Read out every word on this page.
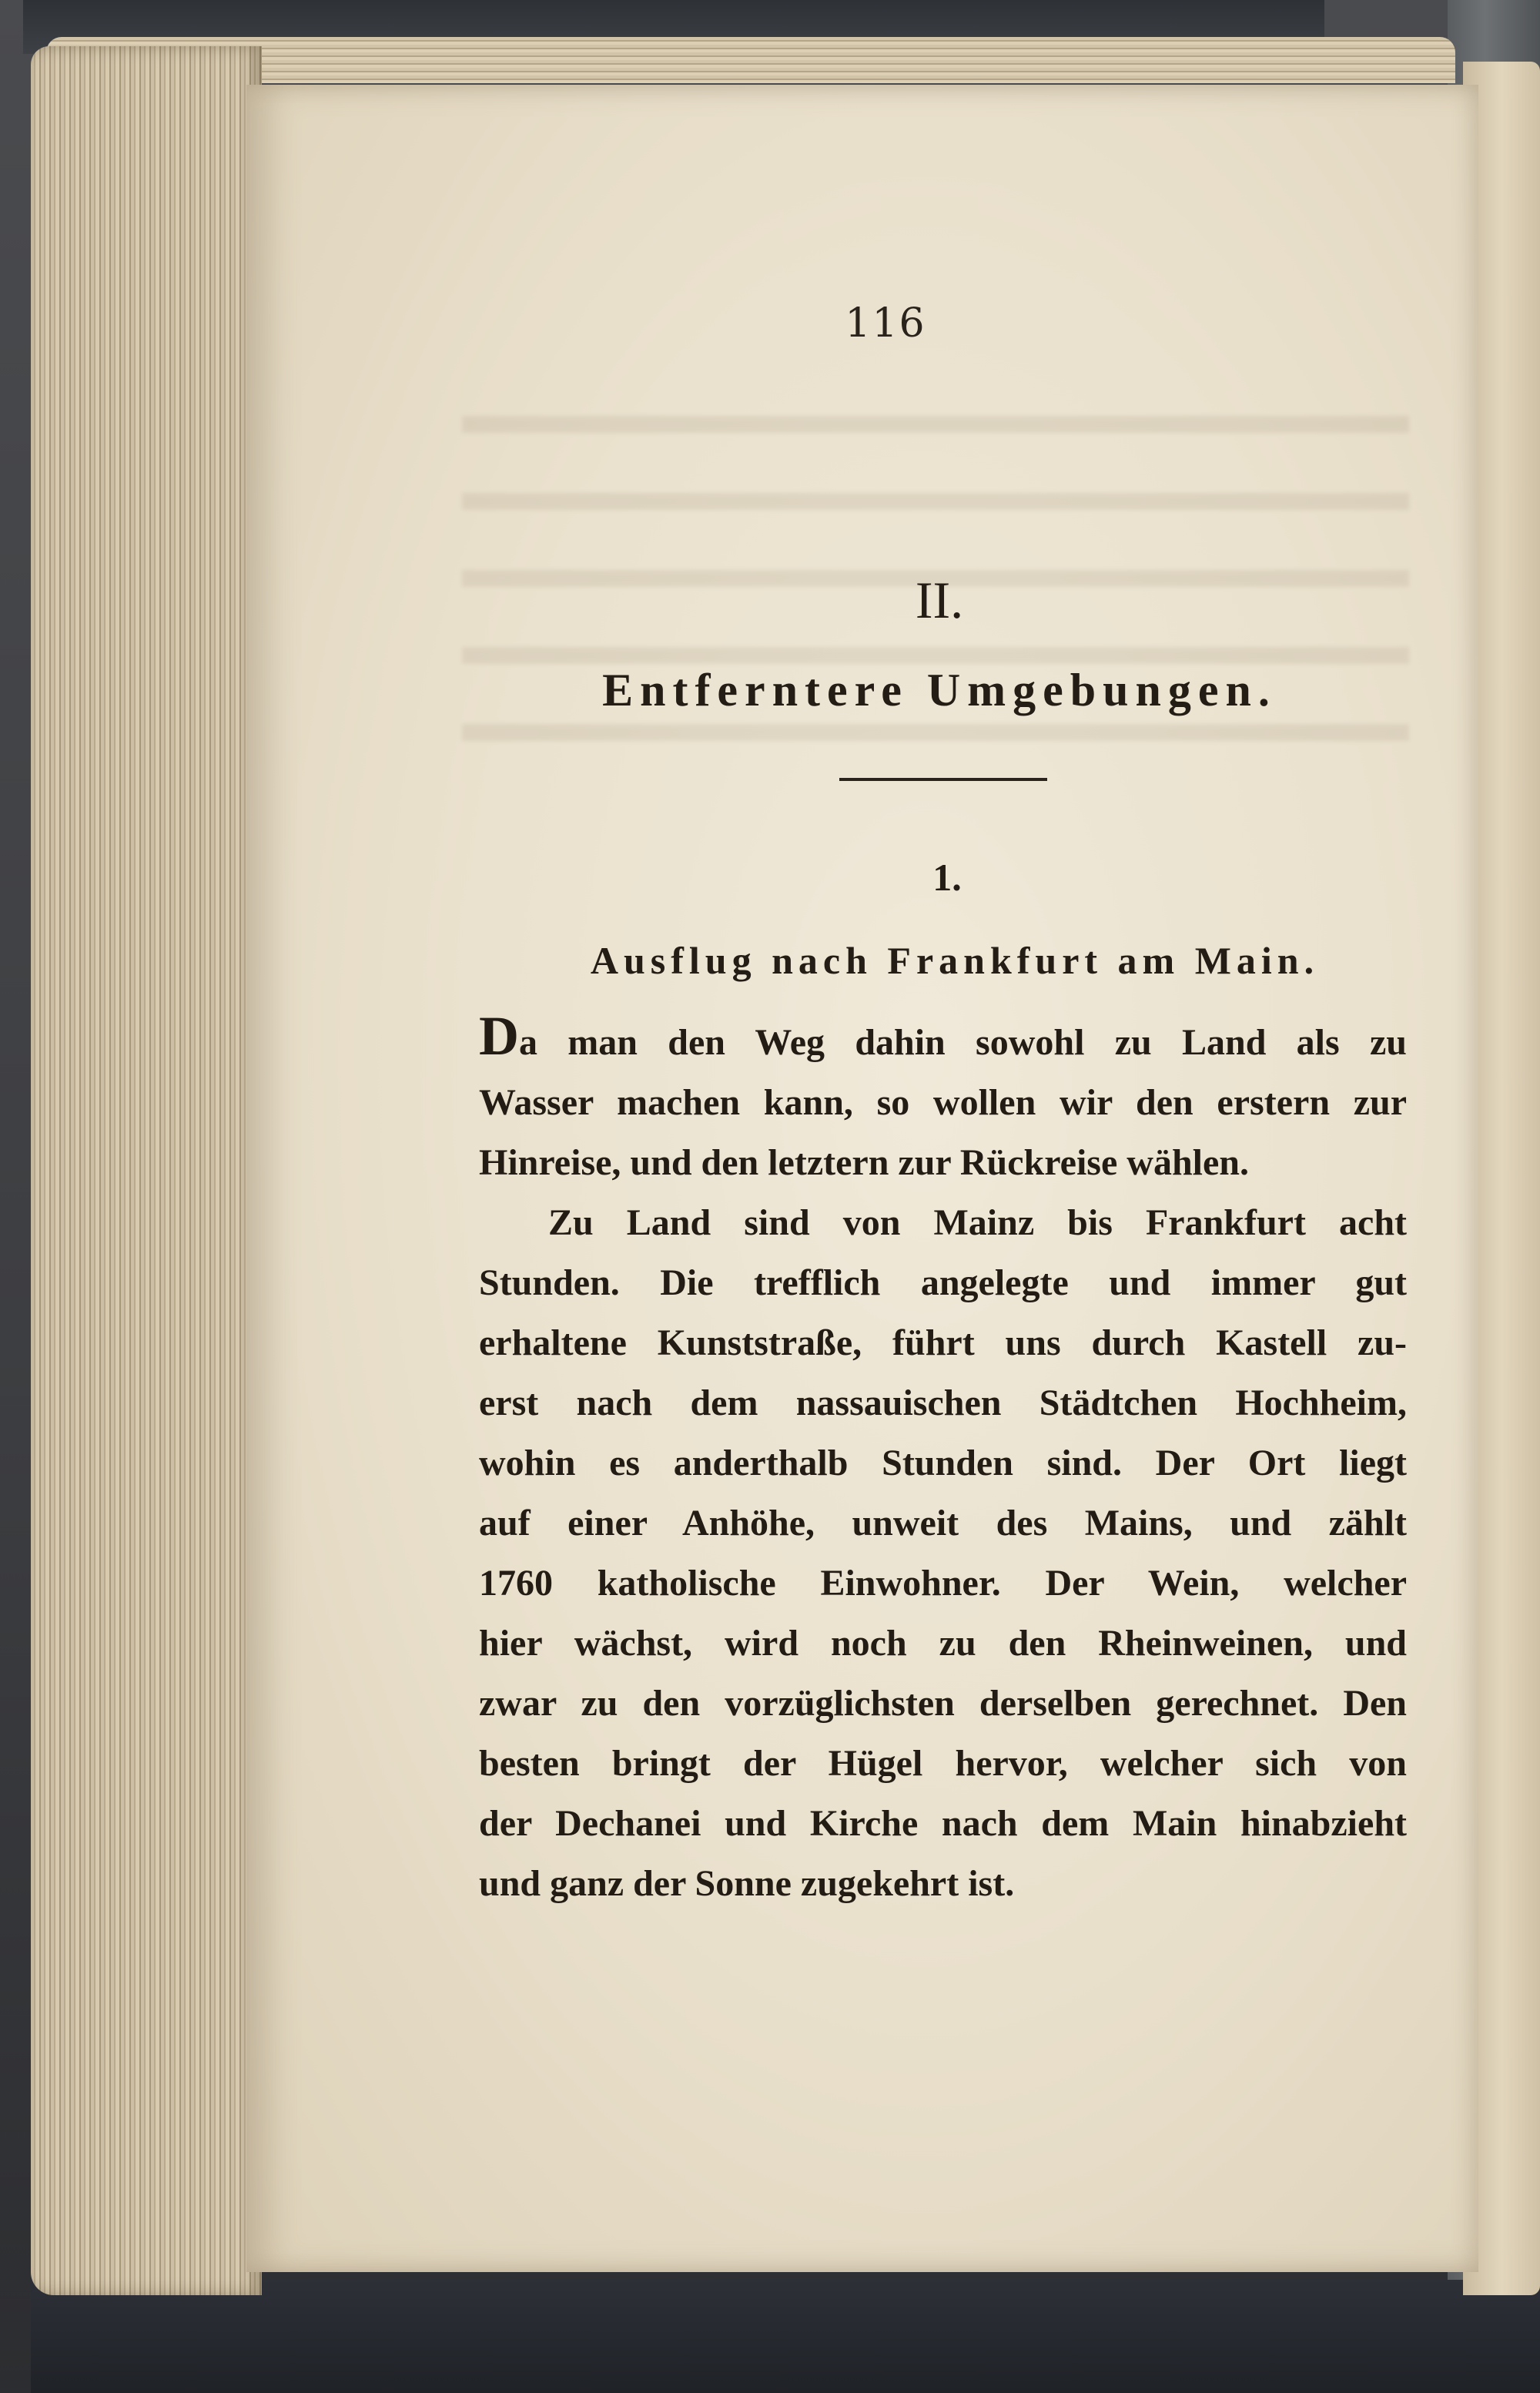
116
II.
Entferntere Umgebungen.
1.
Ausflug nach Frankfurt am Main.
Da man den Weg dahin sowohl zu Land als zu
Wasser machen kann, so wollen wir den erstern zur
Hinreise, und den letztern zur Rückreise wählen.
Zu Land sind von Mainz bis Frankfurt acht
Stunden. Die trefflich angelegte und immer gut
erhaltene Kunststraße, führt uns durch Kastell zu-
erst nach dem nassauischen Städtchen Hochheim,
wohin es anderthalb Stunden sind. Der Ort liegt
auf einer Anhöhe, unweit des Mains, und zählt
1760 katholische Einwohner. Der Wein, welcher
hier wächst, wird noch zu den Rheinweinen, und
zwar zu den vorzüglichsten derselben gerechnet. Den
besten bringt der Hügel hervor, welcher sich von
der Dechanei und Kirche nach dem Main hinabzieht
und ganz der Sonne zugekehrt ist.
